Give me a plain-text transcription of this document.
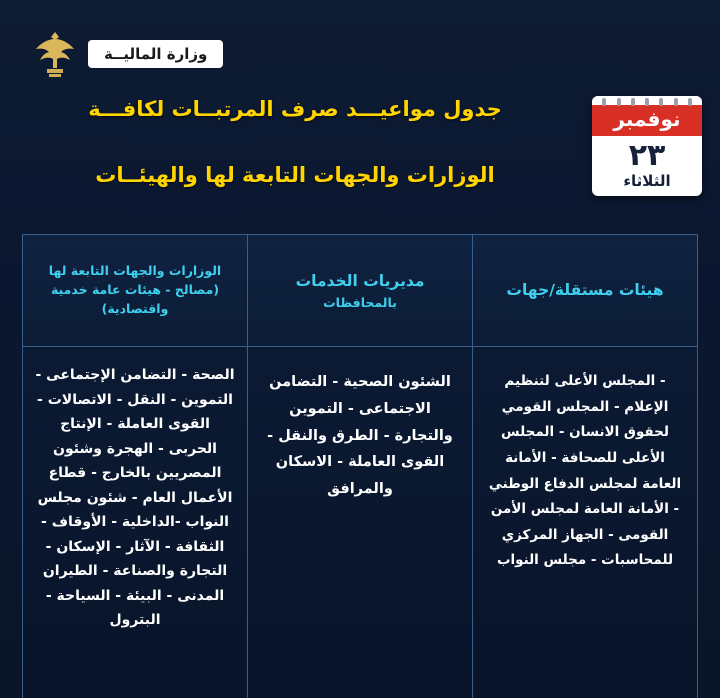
وزارة الماليــة
جدول مواعيـــد صرف المرتبــات لكافـــة
الوزارات والجهات التابعة لها والهيئــات
نوفمبر
٢٣
الثلاثاء
هيئات مستقلة/جهات
- المجلس الأعلى لتنظيم الإعلام - المجلس القومي لحقوق الانسان - المجلس الأعلى للصحافة - الأمانة العامة لمجلس الدفاع الوطني - الأمانة العامة لمجلس الأمن القومى - الجهاز المركزي للمحاسبات - مجلس النواب
مديريات الخدمات
بالمحافظات
الشئون الصحية - التضامن الاجتماعى - التموين والتجارة - الطرق والنقل - القوى العاملة - الاسكان والمرافق
الوزارات والجهات التابعة لها
(مصالح - هيئات عامة خدمية واقتصادية)
الصحة - التضامن الإجتماعى - التموين - النقل - الاتصالات - القوى العاملة - الإنتاج الحربى - الهجرة وشئون المصريين بالخارج - قطاع الأعمال العام - شئون مجلس النواب -الداخلية - الأوقاف - الثقافة - الآثار - الإسكان - التجارة والصناعة - الطيران المدنى - البيئة - السياحة - البترول
